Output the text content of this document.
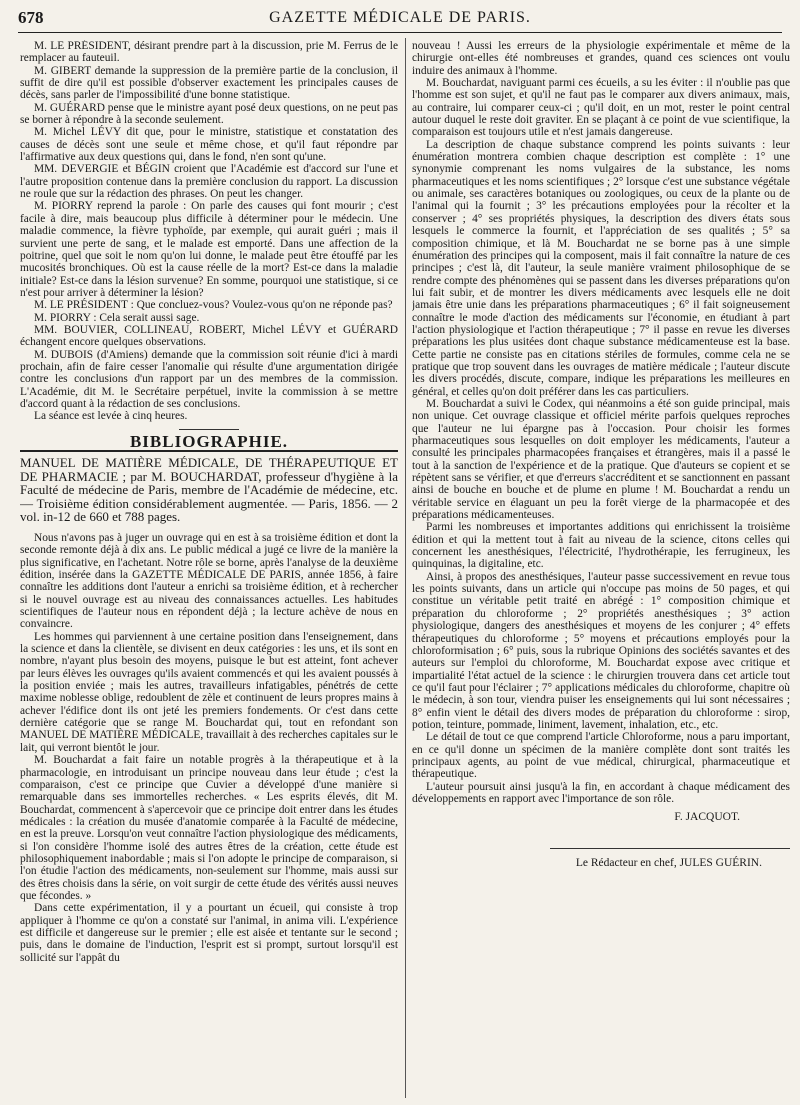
678	GAZETTE MÉDICALE DE PARIS.

M. LE PRÉSIDENT, désirant prendre part à la discussion, prie M. Ferrus de le remplacer au fauteuil.

M. GIBERT demande la suppression de la première partie de la conclusion, il suffit de dire qu'il est possible d'observer exactement les principales causes de décès, sans parler de l'impossibilité d'une bonne statistique.

M. GUÉRARD pense que le ministre ayant posé deux questions, on ne peut pas se borner à répondre à la seconde seulement.

M. Michel LÉVY dit que, pour le ministre, statistique et constatation des causes de décès sont une seule et même chose, et qu'il faut répondre par l'affirmative aux deux questions qui, dans le fond, n'en sont qu'une.

MM. DEVERGIE et BÉGIN croient que l'Académie est d'accord sur l'une et l'autre proposition contenue dans la première conclusion du rapport. La discussion ne roule que sur la rédaction des phrases. On peut les changer.

M. PIORRY reprend la parole : On parle des causes qui font mourir ; c'est facile à dire, mais beaucoup plus difficile à déterminer pour le médecin. Une maladie commence, la fièvre typhoïde, par exemple, qui aurait guéri ; mais il survient une perte de sang, et le malade est emporté. Dans une affection de la poitrine, quel que soit le nom qu'on lui donne, le malade peut être étouffé par les mucosités bronchiques. Où est la cause réelle de la mort? Est-ce dans la maladie initiale? Est-ce dans la lésion survenue? En somme, pourquoi une statistique, si ce n'est pour arriver à déterminer la lésion?

M. LE PRÉSIDENT : Que concluez-vous? Voulez-vous qu'on ne réponde pas?

M. PIORRY : Cela serait aussi sage.

MM. BOUVIER, COLLINEAU, ROBERT, Michel LÉVY et GUÉRARD échangent encore quelques observations.

M. DUBOIS (d'Amiens) demande que la commission soit réunie d'ici à mardi prochain, afin de faire cesser l'anomalie qui résulte d'une argumentation dirigée contre les conclusions d'un rapport par un des membres de la commission. L'Académie, dit M. le Secrétaire perpétuel, invite la commission à se mettre d'accord quant à la rédaction de ses conclusions.

La séance est levée à cinq heures.

BIBLIOGRAPHIE.

MANUEL DE MATIÈRE MÉDICALE, DE THÉRAPEUTIQUE ET DE PHARMACIE ; par M. BOUCHARDAT, professeur d'hygiène à la Faculté de médecine de Paris, membre de l'Académie de médecine, etc. — Troisième édition considérablement augmentée. — Paris, 1856. — 2 vol. in-12 de 660 et 788 pages.

Nous n'avons pas à juger un ouvrage qui en est à sa troisième édition et dont la seconde remonte déjà à dix ans. Le public médical a jugé ce livre de la manière la plus significative, en l'achetant. Notre rôle se borne, après l'analyse de la deuxième édition, insérée dans la GAZETTE MÉDICALE DE PARIS, année 1856, à faire connaître les additions dont l'auteur a enrichi sa troisième édition, et à rechercher si le nouvel ouvrage est au niveau des connaissances actuelles. Les habitudes scientifiques de l'auteur nous en répondent déjà ; la lecture achève de nous en convaincre.

Les hommes qui parviennent à une certaine position dans l'enseignement, dans la science et dans la clientèle, se divisent en deux catégories : les uns, et ils sont en nombre, n'ayant plus besoin des moyens, puisque le but est atteint, font achever par leurs élèves les ouvrages qu'ils avaient commencés et qui les avaient poussés à la position enviée ; mais les autres, travailleurs infatigables, pénétrés de cette maxime noblesse oblige, redoublent de zèle et continuent de leurs propres mains à achever l'édifice dont ils ont jeté les premiers fondements. Or c'est dans cette dernière catégorie que se range M. Bouchardat qui, tout en refondant son MANUEL DE MATIÈRE MÉDICALE, travaillait à des recherches capitales sur le lait, qui verront bientôt le jour.

M. Bouchardat a fait faire un notable progrès à la thérapeutique et à la pharmacologie, en introduisant un principe nouveau dans leur étude ; c'est la comparaison, c'est ce principe que Cuvier a développé d'une manière si remarquable dans ses immortelles recherches. « Les esprits élevés, dit M. Bouchardat, commencent à s'apercevoir que ce principe doit entrer dans les études médicales : la création du musée d'anatomie comparée à la Faculté de médecine, en est la preuve. Lorsqu'on veut connaître l'action physiologique des médicaments, si l'on considère l'homme isolé des autres êtres de la création, cette étude est philosophiquement inabordable ; mais si l'on adopte le principe de comparaison, si l'on étudie l'action des médicaments, non-seulement sur l'homme, mais aussi sur des êtres choisis dans la série, on voit surgir de cette étude des vérités aussi neuves que fécondes. »

Dans cette expérimentation, il y a pourtant un écueil, qui consiste à trop appliquer à l'homme ce qu'on a constaté sur l'animal, in anima vili. L'expérience est difficile et dangereuse sur le premier ; elle est aisée et tentante sur le second ; puis, dans le domaine de l'induction, l'esprit est si prompt, surtout lorsqu'il est sollicité sur l'appât du

nouveau ! Aussi les erreurs de la physiologie expérimentale et même de la chirurgie ont-elles été nombreuses et grandes, quand ces sciences ont voulu induire des animaux à l'homme.

M. Bouchardat, naviguant parmi ces écueils, a su les éviter : il n'oublie pas que l'homme est son sujet, et qu'il ne faut pas le comparer aux divers animaux, mais, au contraire, lui comparer ceux-ci ; qu'il doit, en un mot, rester le point central autour duquel le reste doit graviter. En se plaçant à ce point de vue scientifique, la comparaison est toujours utile et n'est jamais dangereuse.

La description de chaque substance comprend les points suivants : leur énumération montrera combien chaque description est complète : 1° une synonymie comprenant les noms vulgaires de la substance, les noms pharmaceutiques et les noms scientifiques ; 2° lorsque c'est une substance végétale ou animale, ses caractères botaniques ou zoologiques, ou ceux de la plante ou de l'animal qui la fournit ; 3° les précautions employées pour la récolter et la conserver ; 4° ses propriétés physiques, la description des divers états sous lesquels le commerce la fournit, et l'appréciation de ses qualités ; 5° sa composition chimique, et là M. Bouchardat ne se borne pas à une simple énumération des principes qui la composent, mais il fait connaître la nature de ces principes ; c'est là, dit l'auteur, la seule manière vraiment philosophique de se rendre compte des phénomènes qui se passent dans les diverses préparations qu'on lui fait subir, et de montrer les divers médicaments avec lesquels elle ne doit jamais être unie dans les préparations pharmaceutiques ; 6° il fait soigneusement connaître le mode d'action des médicaments sur l'économie, en étudiant à part l'action physiologique et l'action thérapeutique ; 7° il passe en revue les diverses préparations les plus usitées dont chaque substance médicamenteuse est la base. Cette partie ne consiste pas en citations stériles de formules, comme cela ne se pratique que trop souvent dans les ouvrages de matière médicale ; l'auteur discute les divers procédés, discute, compare, indique les préparations les meilleures en général, et celles qu'on doit préférer dans les cas particuliers.

M. Bouchardat a suivi le Codex, qui néanmoins a été son guide principal, mais non unique. Cet ouvrage classique et officiel mérite parfois quelques reproches que l'auteur ne lui épargne pas à l'occasion. Pour choisir les formes pharmaceutiques sous lesquelles on doit employer les médicaments, l'auteur a consulté les principales pharmacopées françaises et étrangères, mais il a passé le tout à la sanction de l'expérience et de la pratique. Que d'auteurs se copient et se répètent sans se vérifier, et que d'erreurs s'accréditent et se sanctionnent en passant ainsi de bouche en bouche et de plume en plume ! M. Bouchardat a rendu un véritable service en élaguant un peu la forêt vierge de la pharmacopée et des préparations médicamenteuses.

Parmi les nombreuses et importantes additions qui enrichissent la troisième édition et qui la mettent tout à fait au niveau de la science, citons celles qui concernent les anesthésiques, l'électricité, l'hydrothérapie, les ferrugineux, les quinquinas, la digitaline, etc.

Ainsi, à propos des anesthésiques, l'auteur passe successivement en revue tous les points suivants, dans un article qui n'occupe pas moins de 50 pages, et qui constitue un véritable petit traité en abrégé : 1° composition chimique et préparation du chloroforme ; 2° propriétés anesthésiques ; 3° action physiologique, dangers des anesthésiques et moyens de les conjurer ; 4° effets thérapeutiques du chloroforme ; 5° moyens et précautions employés pour la chloroformisation ; 6° puis, sous la rubrique Opinions des sociétés savantes et des auteurs sur l'emploi du chloroforme, M. Bouchardat expose avec critique et impartialité l'état actuel de la science : le chirurgien trouvera dans cet article tout ce qu'il faut pour l'éclairer ; 7° applications médicales du chloroforme, chapitre où le médecin, à son tour, viendra puiser les enseignements qui lui sont nécessaires ; 8° enfin vient le détail des divers modes de préparation du chloroforme : sirop, potion, teinture, pommade, liniment, lavement, inhalation, etc., etc.

Le détail de tout ce que comprend l'article Chloroforme, nous a paru important, en ce qu'il donne un spécimen de la manière complète dont sont traités les principaux agents, au point de vue médical, chirurgical, pharmaceutique et thérapeutique.

L'auteur poursuit ainsi jusqu'à la fin, en accordant à chaque médicament des développements en rapport avec l'importance de son rôle.

F. JACQUOT.
Le Rédacteur en chef, JULES GUÉRIN.
